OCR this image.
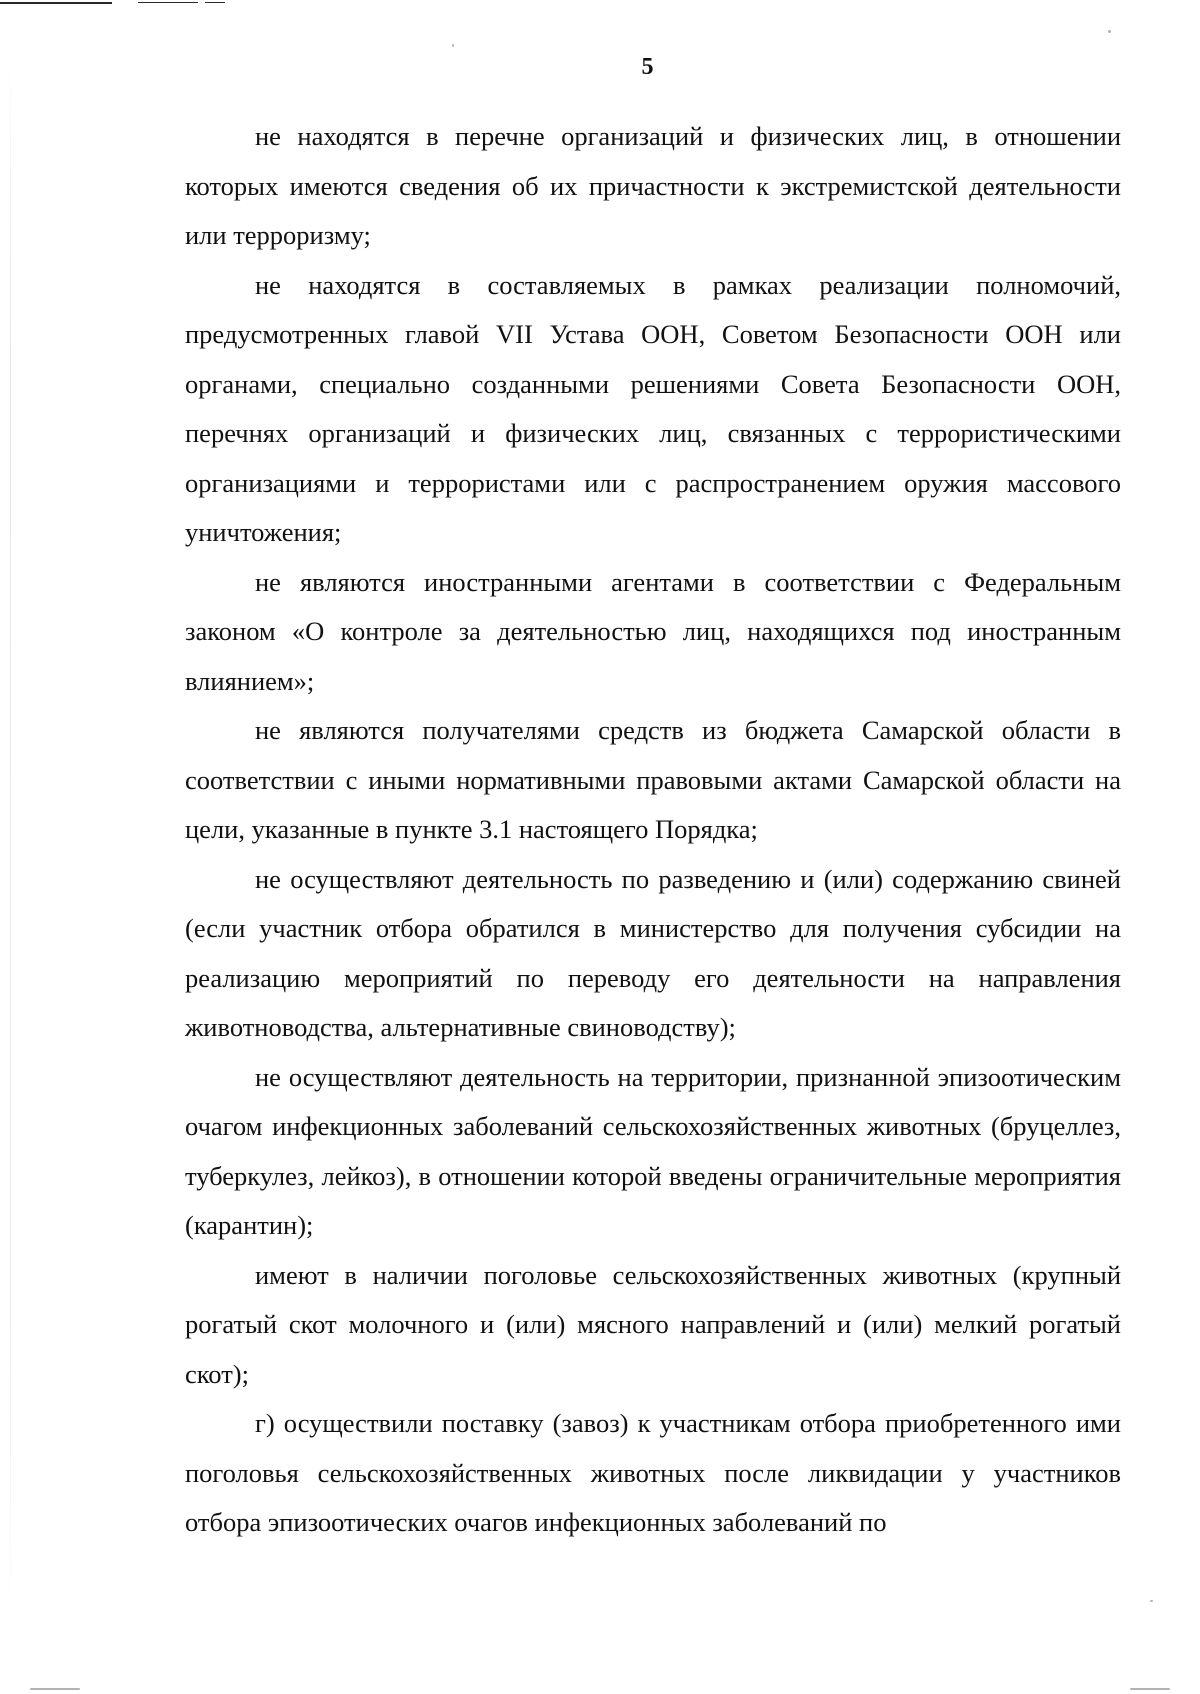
5

не находятся в перечне организаций и физических лиц, в отношении которых имеются сведения об их причастности к экстремистской деятельности или терроризму;

не находятся в составляемых в рамках реализации полномочий, предусмотренных главой VII Устава ООН, Советом Безопасности ООН или органами, специально созданными решениями Совета Безопасности ООН, перечнях организаций и физических лиц, связанных с террористическими организациями и террористами или с распространением оружия массового уничтожения;

не являются иностранными агентами в соответствии с Федеральным законом «О контроле за деятельностью лиц, находящихся под иностранным влиянием»;

не являются получателями средств из бюджета Самарской области в соответствии с иными нормативными правовыми актами Самарской области на цели, указанные в пункте 3.1 настоящего Порядка;

не осуществляют деятельность по разведению и (или) содержанию свиней (если участник отбора обратился в министерство для получения субсидии на реализацию мероприятий по переводу его деятельности на направления животноводства, альтернативные свиноводству);

не осуществляют деятельность на территории, признанной эпизоотическим очагом инфекционных заболеваний сельскохозяйственных животных (бруцеллез, туберкулез, лейкоз), в отношении которой введены ограничительные мероприятия (карантин);

имеют в наличии поголовье сельскохозяйственных животных (крупный рогатый скот молочного и (или) мясного направлений и (или) мелкий рогатый скот);

г) осуществили поставку (завоз) к участникам отбора приобретенного ими поголовья сельскохозяйственных животных после ликвидации у участников отбора эпизоотических очагов инфекционных заболеваний по
